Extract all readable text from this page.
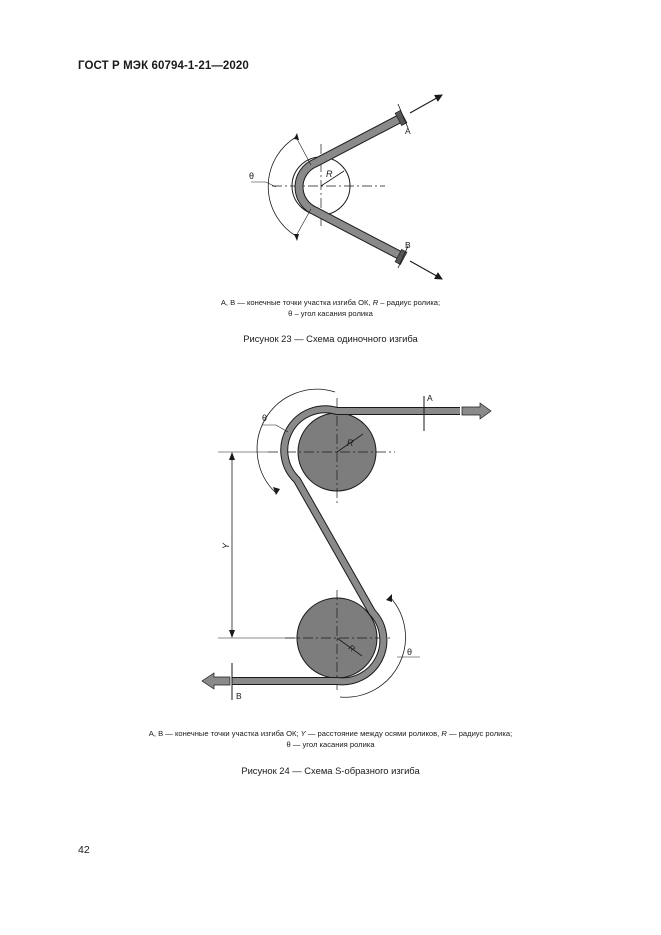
ГОСТ Р МЭК 60794-1-21—2020
θ	R
A
B
Y
A
B
R
R
θ
θ
A, B — конечные точки участка изгиба ОК, R – радиус ролика;
θ – угол касания ролика
Рисунок 23 — Схема одиночного изгиба
A, B — конечные точки участка изгиба ОК; Y — расстояние между осями роликов, R — радиус ролика;
θ — угол касания ролика
Рисунок 24 — Схема S-образного изгиба
42
